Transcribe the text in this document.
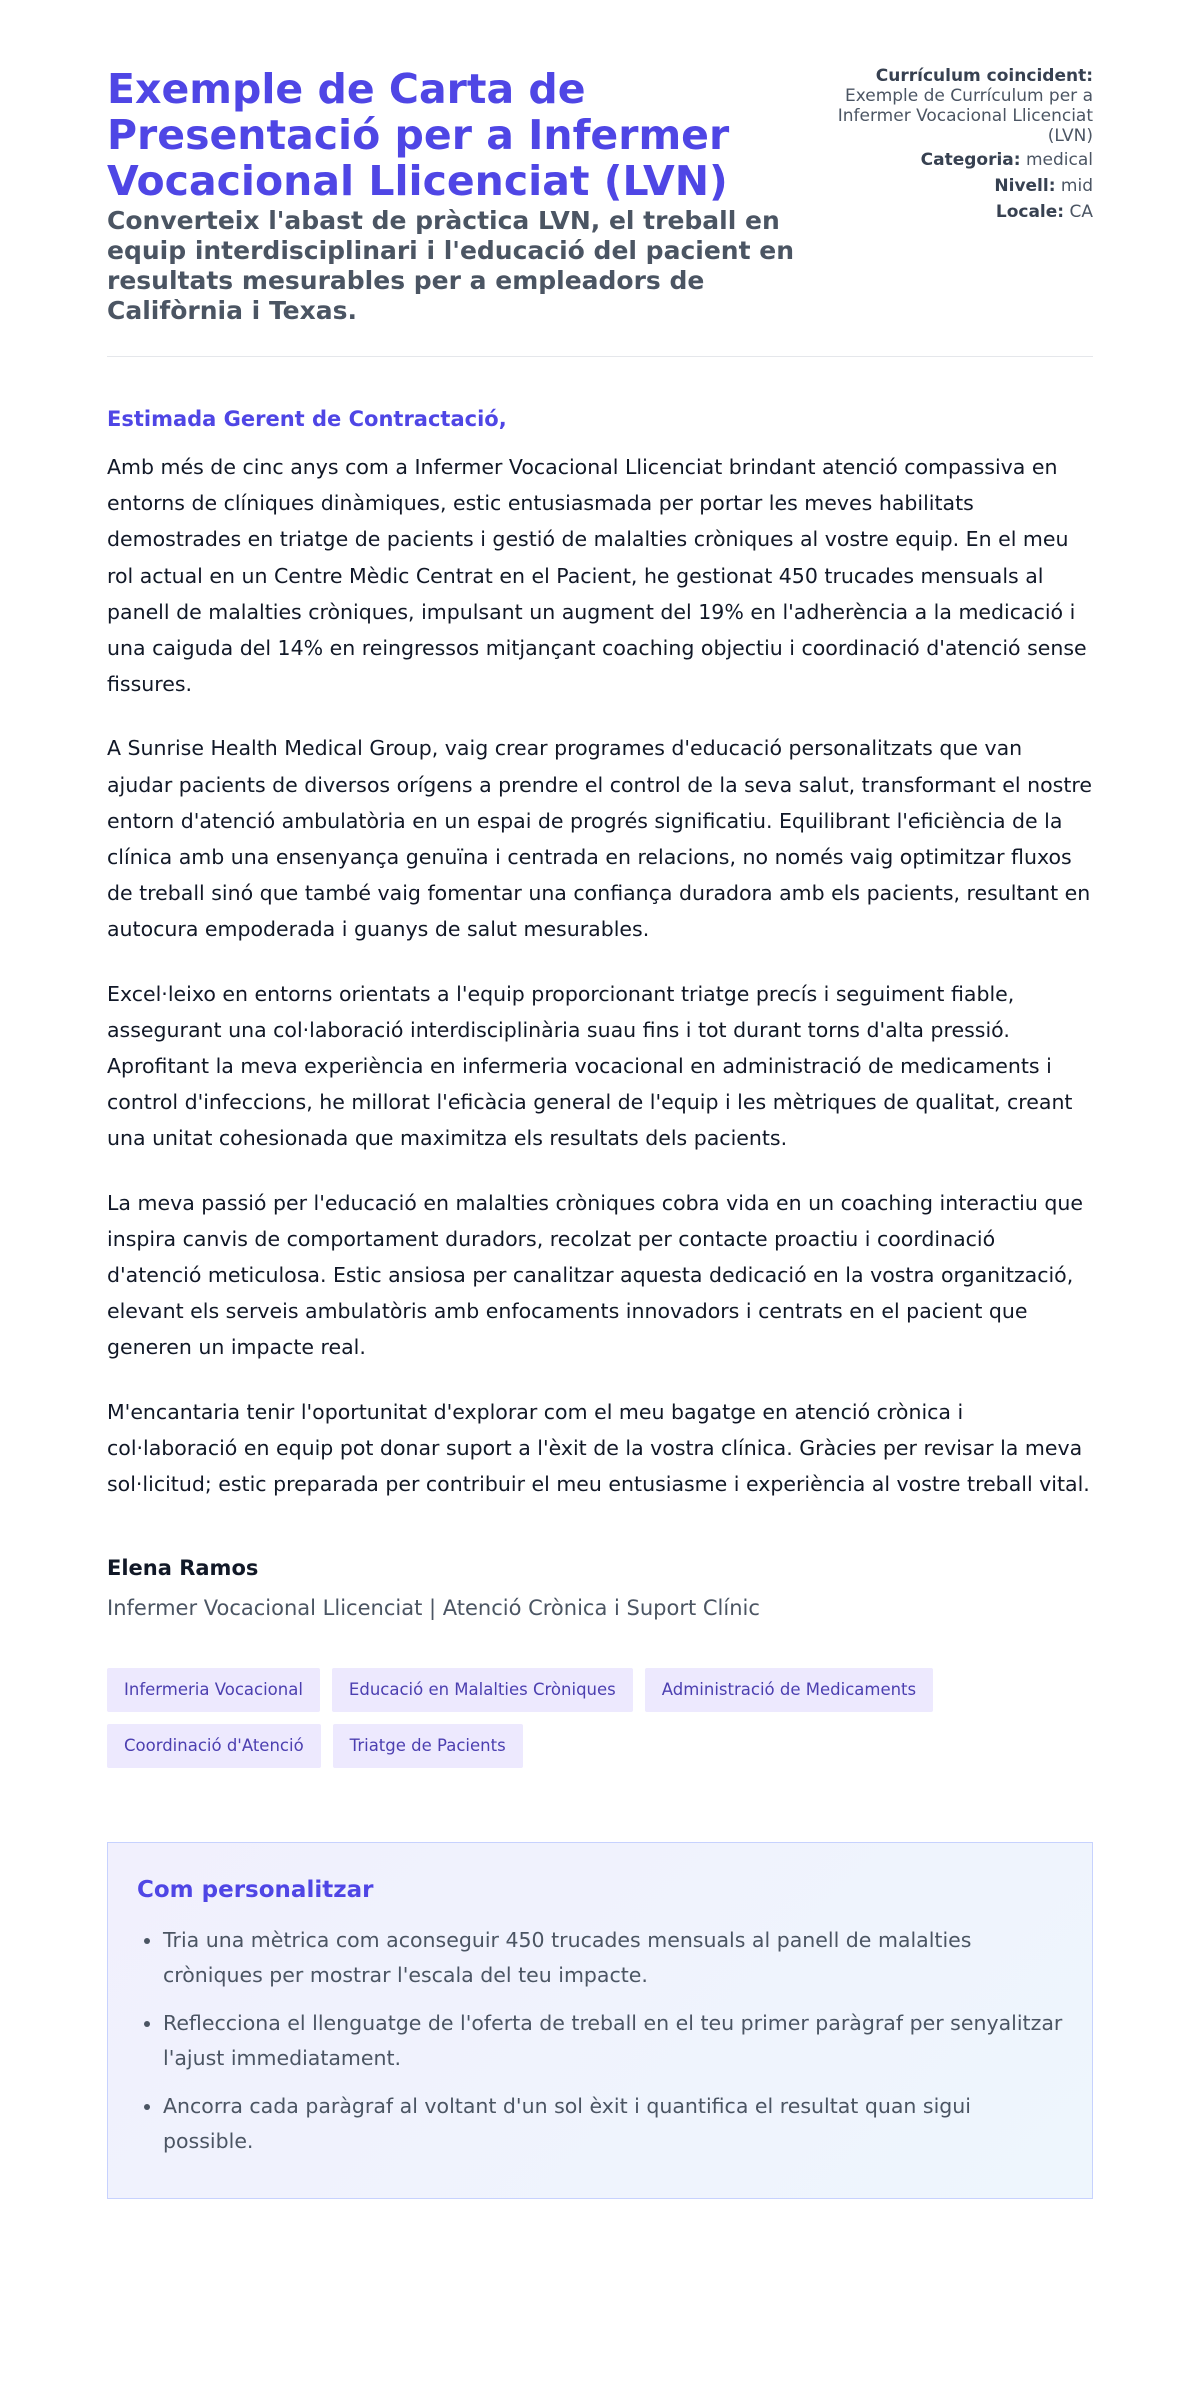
Exemple de Carta de Presentació per a Infermer Vocacional Llicenciat (LVN)
Converteix l'abast de pràctica LVN, el treball en equip interdisciplinari i l'educació del pacient en resultats mesurables per a empleadors de Califòrnia i Texas.
Currículum coincident:
Exemple de Currículum per a Infermer Vocacional Llicenciat (LVN)
Categoria: medical
Nivell: mid
Locale: CA

Estimada Gerent de Contractació,

Amb més de cinc anys com a Infermer Vocacional Llicenciat brindant atenció compassiva en entorns de clíniques dinàmiques, estic entusiasmada per portar les meves habilitats demostrades en triatge de pacients i gestió de malalties cròniques al vostre equip. En el meu rol actual en un Centre Mèdic Centrat en el Pacient, he gestionat 450 trucades mensuals al panell de malalties cròniques, impulsant un augment del 19% en l'adherència a la medicació i una caiguda del 14% en reingressos mitjançant coaching objectiu i coordinació d'atenció sense fissures.

A Sunrise Health Medical Group, vaig crear programes d'educació personalitzats que van ajudar pacients de diversos orígens a prendre el control de la seva salut, transformant el nostre entorn d'atenció ambulatòria en un espai de progrés significatiu. Equilibrant l'eficiència de la clínica amb una ensenyança genuïna i centrada en relacions, no només vaig optimitzar fluxos de treball sinó que també vaig fomentar una confiança duradora amb els pacients, resultant en autocura empoderada i guanys de salut mesurables.

Excel·leixo en entorns orientats a l'equip proporcionant triatge precís i seguiment fiable, assegurant una col·laboració interdisciplinària suau fins i tot durant torns d'alta pressió. Aprofitant la meva experiència en infermeria vocacional en administració de medicaments i control d'infeccions, he millorat l'eficàcia general de l'equip i les mètriques de qualitat, creant una unitat cohesionada que maximitza els resultats dels pacients.

La meva passió per l'educació en malalties cròniques cobra vida en un coaching interactiu que inspira canvis de comportament duradors, recolzat per contacte proactiu i coordinació d'atenció meticulosa. Estic ansiosa per canalitzar aquesta dedicació en la vostra organització, elevant els serveis ambulatòris amb enfocaments innovadors i centrats en el pacient que generen un impacte real.

M'encantaria tenir l'oportunitat d'explorar com el meu bagatge en atenció crònica i col·laboració en equip pot donar suport a l'èxit de la vostra clínica. Gràcies per revisar la meva sol·licitud; estic preparada per contribuir el meu entusiasme i experiència al vostre treball vital.

Elena Ramos
Infermer Vocacional Llicenciat | Atenció Crònica i Suport Clínic
Infermeria Vocacional	Educació en Malalties Cròniques	Administració de Medicaments
Coordinació d'Atenció	Triatge de Pacients
Com personalitzar
• Tria una mètrica com aconseguir 450 trucades mensuals al panell de malalties cròniques per mostrar l'escala del teu impacte.
• Reflecciona el llenguatge de l'oferta de treball en el teu primer paràgraf per senyalitzar l'ajust immediatament.
• Ancorra cada paràgraf al voltant d'un sol èxit i quantifica el resultat quan sigui possible.
